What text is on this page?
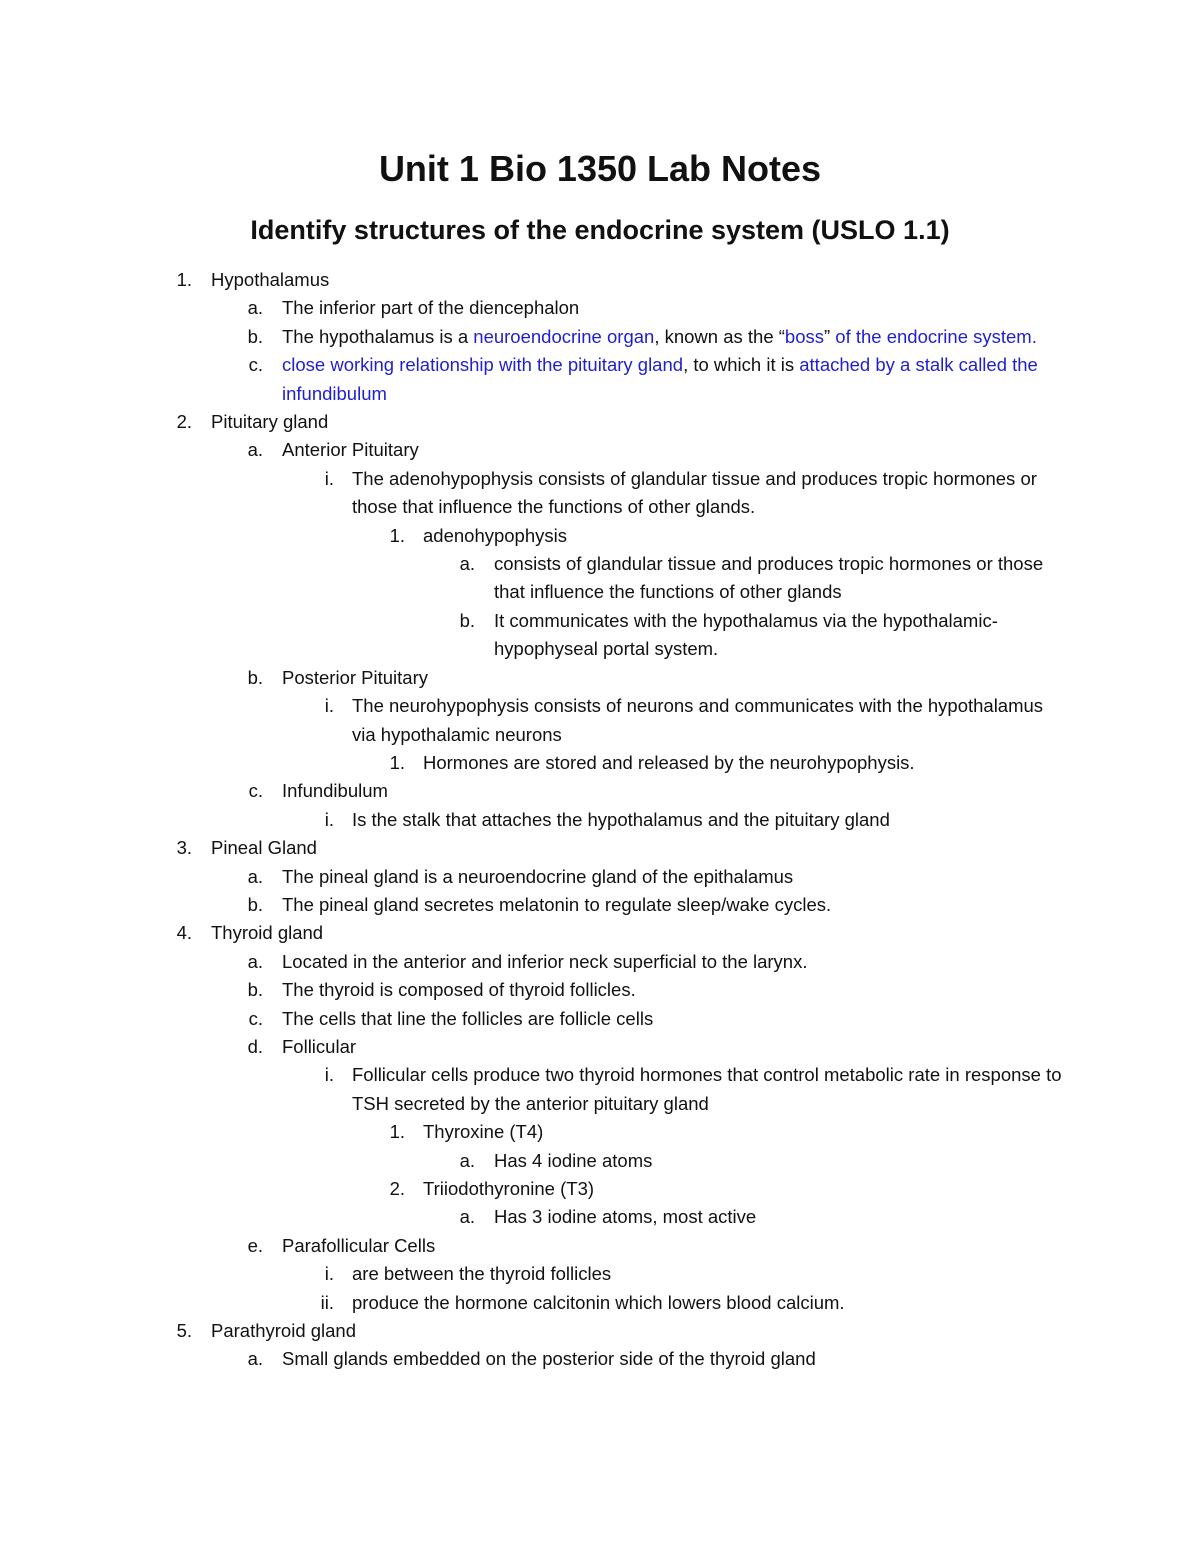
Unit 1 Bio 1350 Lab Notes
Identify structures of the endocrine system (USLO 1.1)
1. Hypothalamus
a. The inferior part of the diencephalon
b. The hypothalamus is a neuroendocrine organ, known as the “boss” of the endocrine system.
c. close working relationship with the pituitary gland, to which it is attached by a stalk called the infundibulum
2. Pituitary gland
a. Anterior Pituitary
i. The adenohypophysis consists of glandular tissue and produces tropic hormones or those that influence the functions of other glands.
1. adenohypophysis
a. consists of glandular tissue and produces tropic hormones or those that influence the functions of other glands
b. It communicates with the hypothalamus via the hypothalamic-hypophyseal portal system.
b. Posterior Pituitary
i. The neurohypophysis consists of neurons and communicates with the hypothalamus via hypothalamic neurons
1. Hormones are stored and released by the neurohypophysis.
c. Infundibulum
i. Is the stalk that attaches the hypothalamus and the pituitary gland
3. Pineal Gland
a. The pineal gland is a neuroendocrine gland of the epithalamus
b. The pineal gland secretes melatonin to regulate sleep/wake cycles.
4. Thyroid gland
a. Located in the anterior and inferior neck superficial to the larynx.
b. The thyroid is composed of thyroid follicles.
c. The cells that line the follicles are follicle cells
d. Follicular
i. Follicular cells produce two thyroid hormones that control metabolic rate in response to TSH secreted by the anterior pituitary gland
1. Thyroxine (T4)
a. Has 4 iodine atoms
2. Triiodothyronine (T3)
a. Has 3 iodine atoms, most active
e. Parafollicular Cells
i. are between the thyroid follicles
ii. produce the hormone calcitonin which lowers blood calcium.
5. Parathyroid gland
a. Small glands embedded on the posterior side of the thyroid gland
